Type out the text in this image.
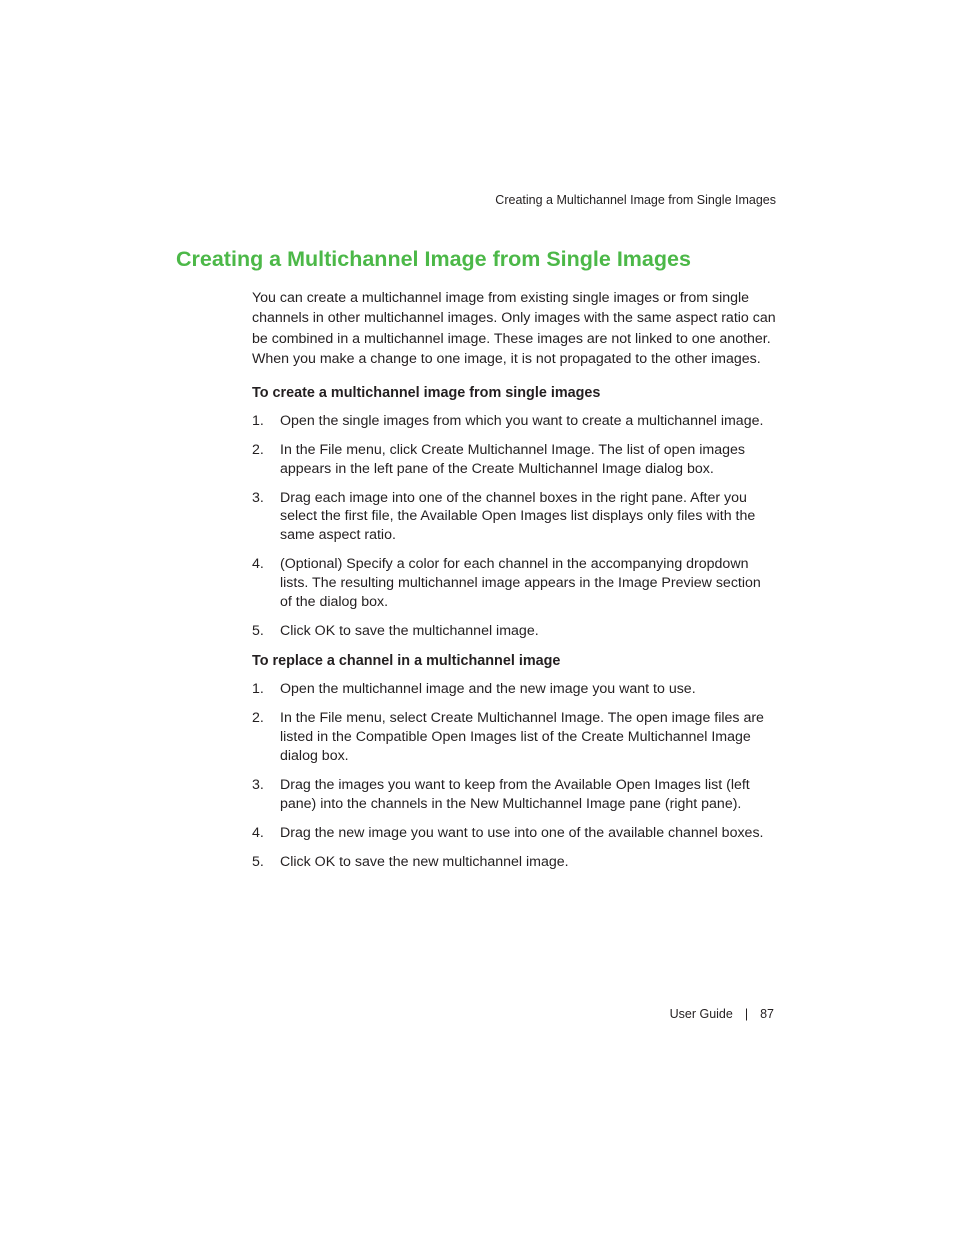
Creating a Multichannel Image from Single Images
Creating a Multichannel Image from Single Images

You can create a multichannel image from existing single images or from single channels in other multichannel images. Only images with the same aspect ratio can be combined in a multichannel image. These images are not linked to one another. When you make a change to one image, it is not propagated to the other images.

To create a multichannel image from single images
1. Open the single images from which you want to create a multichannel image.
2. In the File menu, click Create Multichannel Image. The list of open images appears in the left pane of the Create Multichannel Image dialog box.
3. Drag each image into one of the channel boxes in the right pane. After you select the first file, the Available Open Images list displays only files with the same aspect ratio.
4. (Optional) Specify a color for each channel in the accompanying dropdown lists. The resulting multichannel image appears in the Image Preview section of the dialog box.
5. Click OK to save the multichannel image.
To replace a channel in a multichannel image
1. Open the multichannel image and the new image you want to use.
2. In the File menu, select Create Multichannel Image. The open image files are listed in the Compatible Open Images list of the Create Multichannel Image dialog box.
3. Drag the images you want to keep from the Available Open Images list (left pane) into the channels in the New Multichannel Image pane (right pane).
4. Drag the new image you want to use into one of the available channel boxes.
5. Click OK to save the new multichannel image.
User Guide | 87
